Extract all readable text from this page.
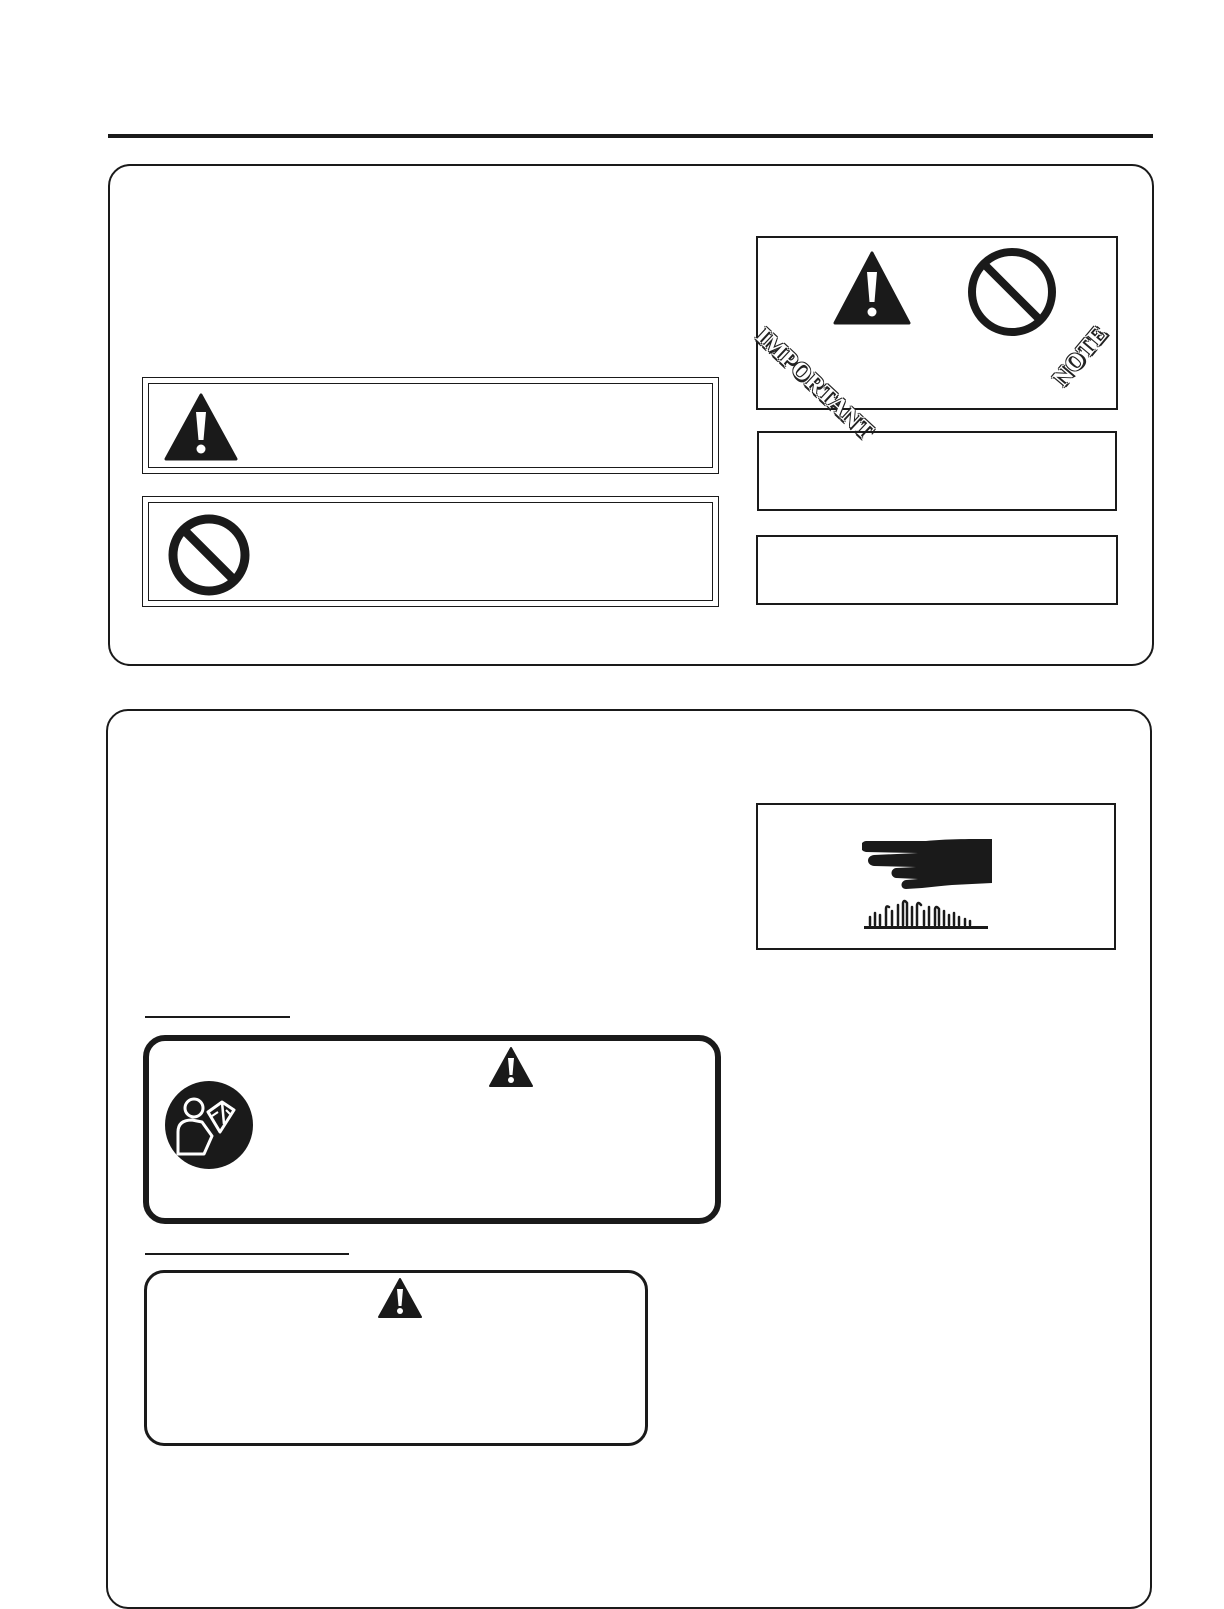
IMPORTANT	NOTE
